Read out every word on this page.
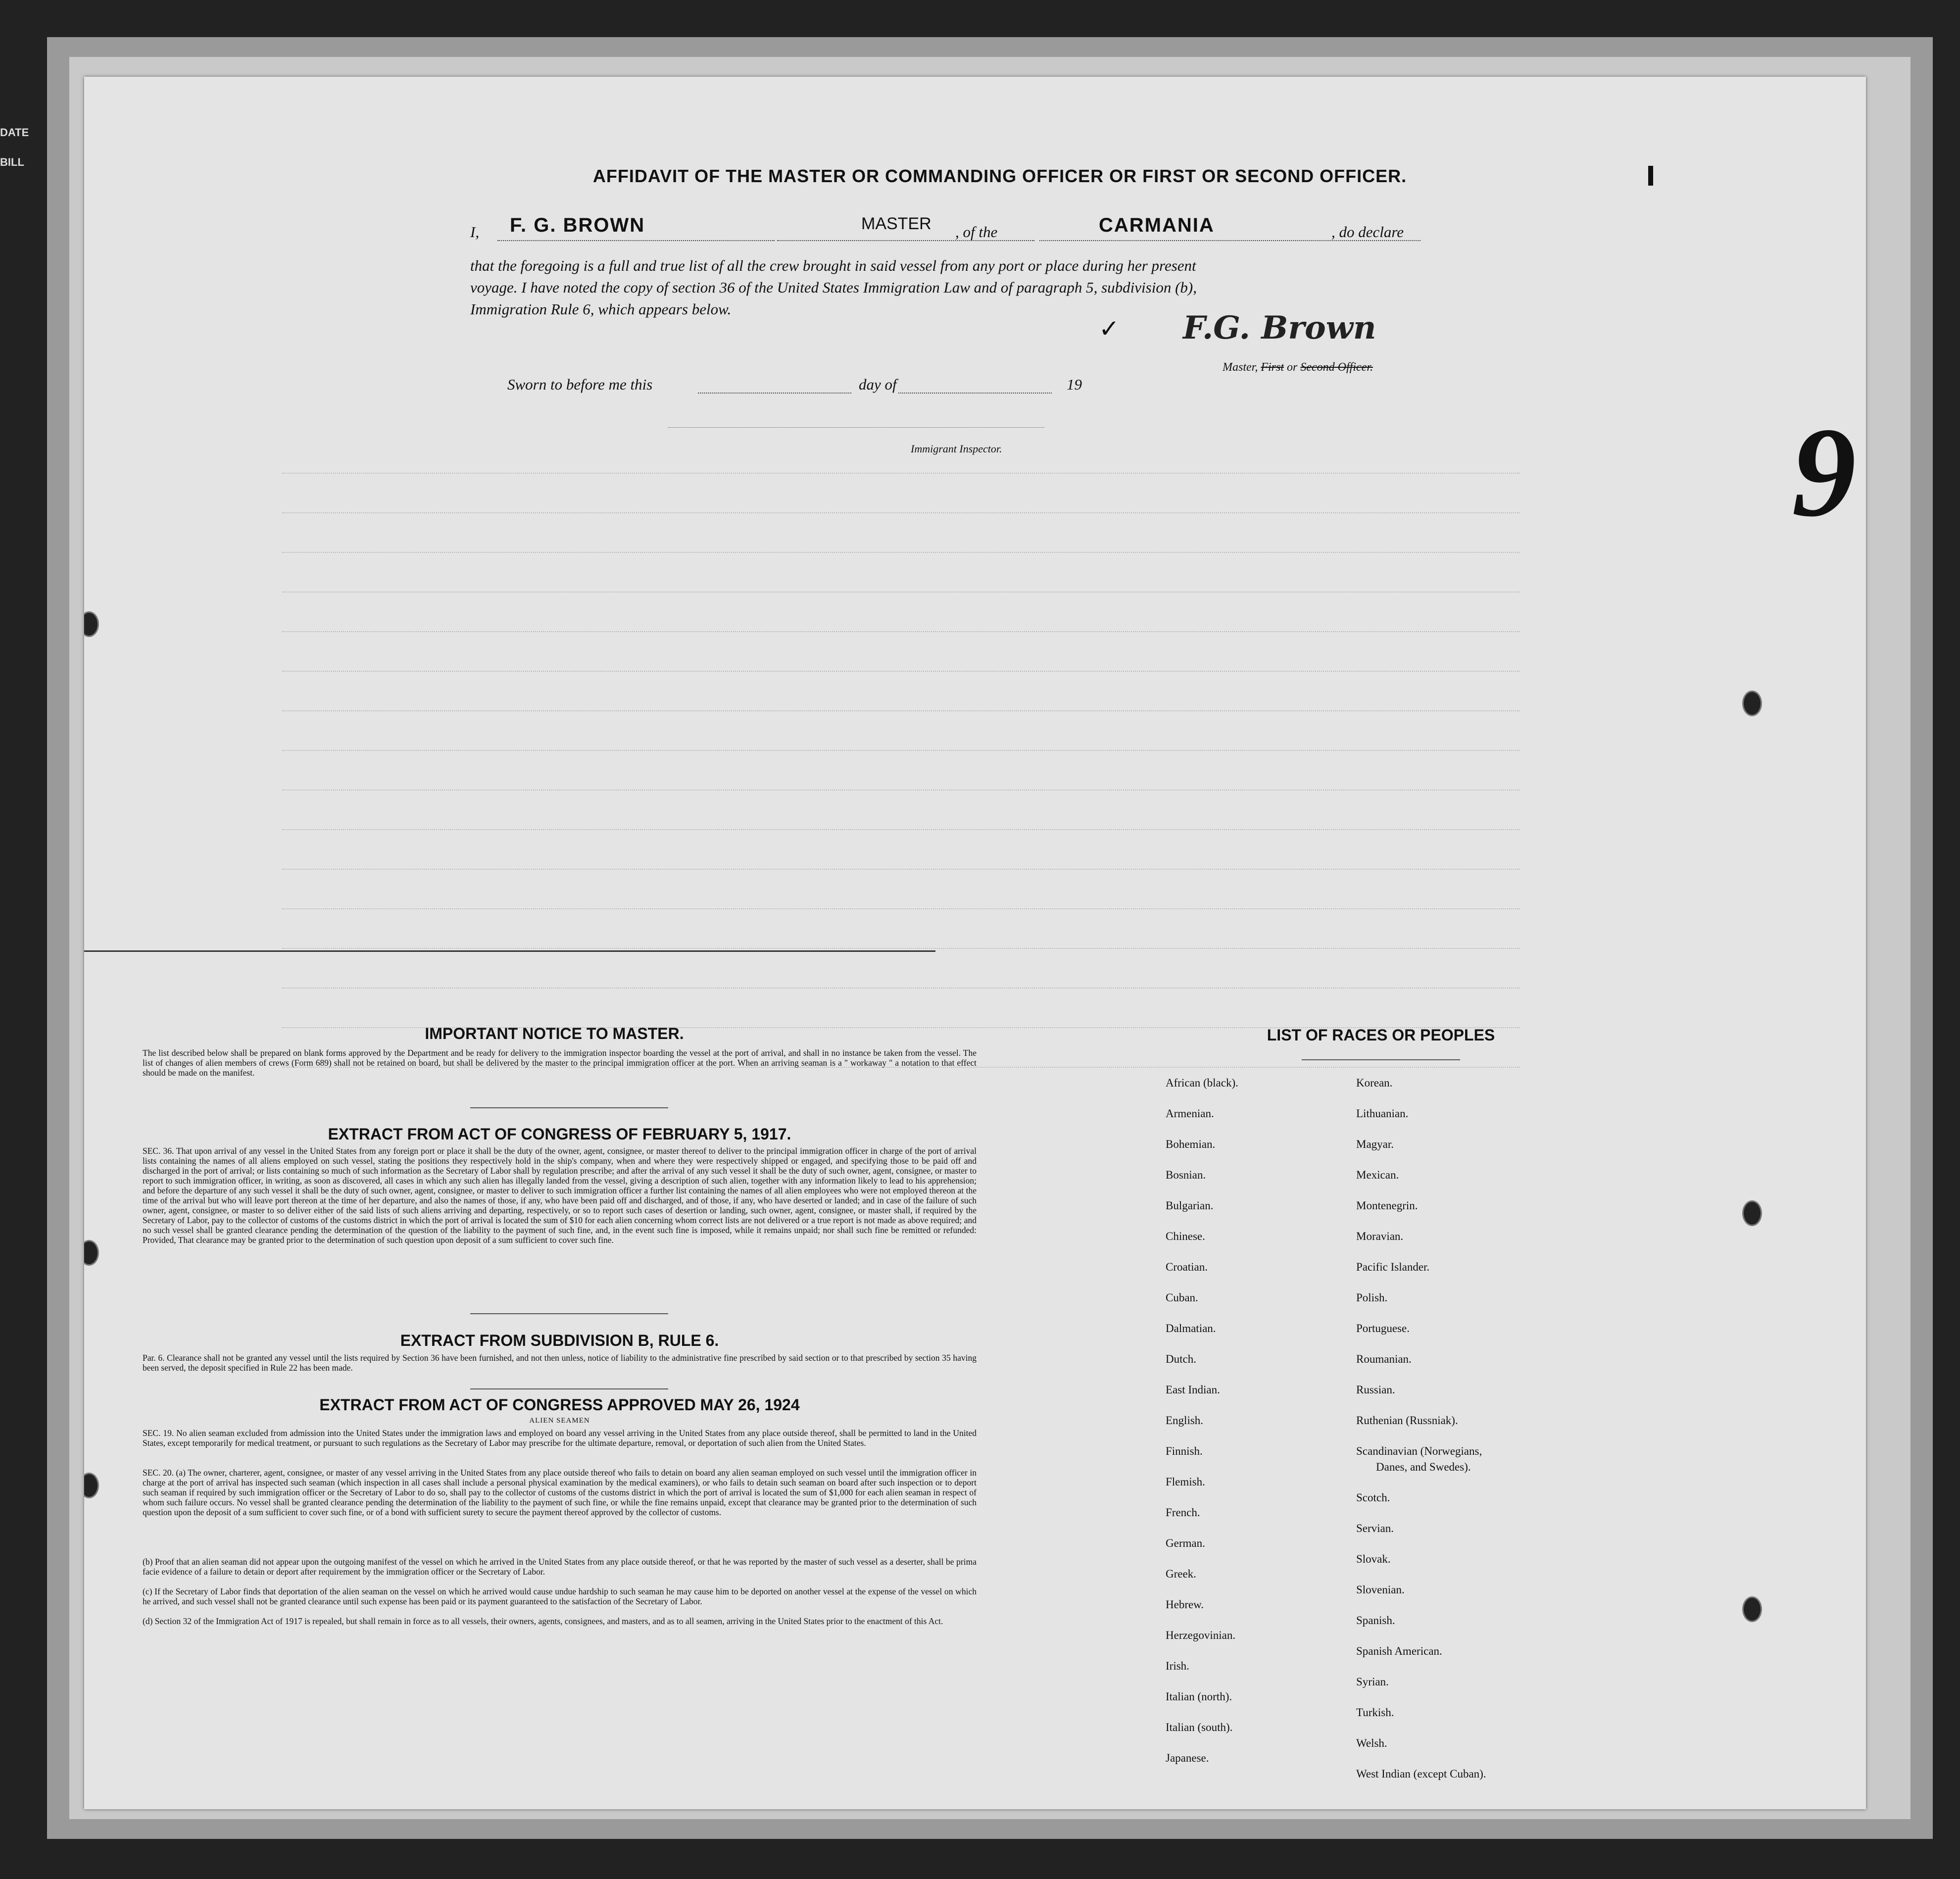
DATE
BILL
AFFIDAVIT OF THE MASTER OR COMMANDING OFFICER OR FIRST OR SECOND OFFICER.
I, F. G. BROWN	MASTER , of the	CARMANIA	, do declare
that the foregoing is a full and true list of all the crew brought in said vessel from any port or place during her present
voyage. I have noted the copy of section 36 of the United States Immigration Law and of paragraph 5, subdivision (b),
Immigration Rule 6, which appears below.
✓ F.G. Brown
Master, First or Second Officer.
Sworn to before me this	day of	19
Immigrant Inspector.	9
IMPORTANT NOTICE TO MASTER.
The list described below shall be prepared on blank forms approved by the Department and be ready for delivery to the immigration inspector boarding the vessel at the port of arrival, and shall in no instance be taken from the vessel. The list of changes of alien members of crews (Form 689) shall not be retained on board, but shall be delivered by the master to the principal immigration officer at the port. When an arriving seaman is a " workaway " a notation to that effect should be made on the manifest.
EXTRACT FROM ACT OF CONGRESS OF FEBRUARY 5, 1917.
SEC. 36. That upon arrival of any vessel in the United States from any foreign port or place it shall be the duty of the owner, agent, consignee, or master thereof to deliver to the principal immigration officer in charge of the port of arrival lists containing the names of all aliens employed on such vessel, stating the positions they respectively hold in the ship's company, when and where they were respectively shipped or engaged, and specifying those to be paid off and discharged in the port of arrival; or lists containing so much of such information as the Secretary of Labor shall by regulation prescribe; and after the arrival of any such vessel it shall be the duty of such owner, agent, consignee, or master to report to such immigration officer, in writing, as soon as discovered, all cases in which any such alien has illegally landed from the vessel, giving a description of such alien, together with any information likely to lead to his apprehension; and before the departure of any such vessel it shall be the duty of such owner, agent, consignee, or master to deliver to such immigration officer a further list containing the names of all alien employees who were not employed thereon at the time of the arrival but who will leave port thereon at the time of her departure, and also the names of those, if any, who have been paid off and discharged, and of those, if any, who have deserted or landed; and in case of the failure of such owner, agent, consignee, or master to so deliver either of the said lists of such aliens arriving and departing, respectively, or so to report such cases of desertion or landing, such owner, agent, consignee, or master shall, if required by the Secretary of Labor, pay to the collector of customs of the customs district in which the port of arrival is located the sum of $10 for each alien concerning whom correct lists are not delivered or a true report is not made as above required; and no such vessel shall be granted clearance pending the determination of the question of the liability to the payment of such fine, and, in the event such fine is imposed, while it remains unpaid; nor shall such fine be remitted or refunded: Provided, That clearance may be granted prior to the determination of such question upon deposit of a sum sufficient to cover such fine.
EXTRACT FROM SUBDIVISION B, RULE 6.
Par. 6. Clearance shall not be granted any vessel until the lists required by Section 36 have been furnished, and not then unless, notice of liability to the administrative fine prescribed by said section or to that prescribed by section 35 having been served, the deposit specified in Rule 22 has been made.
EXTRACT FROM ACT OF CONGRESS APPROVED MAY 26, 1924
ALIEN SEAMEN
SEC. 19. No alien seaman excluded from admission into the United States under the immigration laws and employed on board any vessel arriving in the United States from any place outside thereof, shall be permitted to land in the United States, except temporarily for medical treatment, or pursuant to such regulations as the Secretary of Labor may prescribe for the ultimate departure, removal, or deportation of such alien from the United States.
SEC. 20. (a) The owner, charterer, agent, consignee, or master of any vessel arriving in the United States from any place outside thereof who fails to detain on board any alien seaman employed on such vessel until the immigration officer in charge at the port of arrival has inspected such seaman (which inspection in all cases shall include a personal physical examination by the medical examiners), or who fails to detain such seaman on board after such inspection or to deport such seaman if required by such immigration officer or the Secretary of Labor to do so, shall pay to the collector of customs of the customs district in which the port of arrival is located the sum of $1,000 for each alien seaman in respect of whom such failure occurs. No vessel shall be granted clearance pending the determination of the liability to the payment of such fine, or while the fine remains unpaid, except that clearance may be granted prior to the determination of such question upon the deposit of a sum sufficient to cover such fine, or of a bond with sufficient surety to secure the payment thereof approved by the collector of customs.
(b) Proof that an alien seaman did not appear upon the outgoing manifest of the vessel on which he arrived in the United States from any place outside thereof, or that he was reported by the master of such vessel as a deserter, shall be prima facie evidence of a failure to detain or deport after requirement by the immigration officer or the Secretary of Labor.
(c) If the Secretary of Labor finds that deportation of the alien seaman on the vessel on which he arrived would cause undue hardship to such seaman he may cause him to be deported on another vessel at the expense of the vessel on which he arrived, and such vessel shall not be granted clearance until such expense has been paid or its payment guaranteed to the satisfaction of the Secretary of Labor.
(d) Section 32 of the Immigration Act of 1917 is repealed, but shall remain in force as to all vessels, their owners, agents, consignees, and masters, and as to all seamen, arriving in the United States prior to the enactment of this Act.
LIST OF RACES OR PEOPLES
African (black).
Armenian.
Bohemian.
Bosnian.
Bulgarian.
Chinese.
Croatian.
Cuban.
Dalmatian.
Dutch.
East Indian.
English.
Finnish.
Flemish.
French.
German.
Greek.
Hebrew.
Herzegovinian.
Irish.
Italian (north).
Italian (south).
Japanese.
Korean.
Lithuanian.
Magyar.
Mexican.
Montenegrin.
Moravian.
Pacific Islander.
Polish.
Portuguese.
Roumanian.
Russian.
Ruthenian (Russniak).
Scandinavian (Norwegians,
Danes, and Swedes).
Scotch.
Servian.
Slovak.
Slovenian.
Spanish.
Spanish American.
Syrian.
Turkish.
Welsh.
West Indian (except Cuban).
